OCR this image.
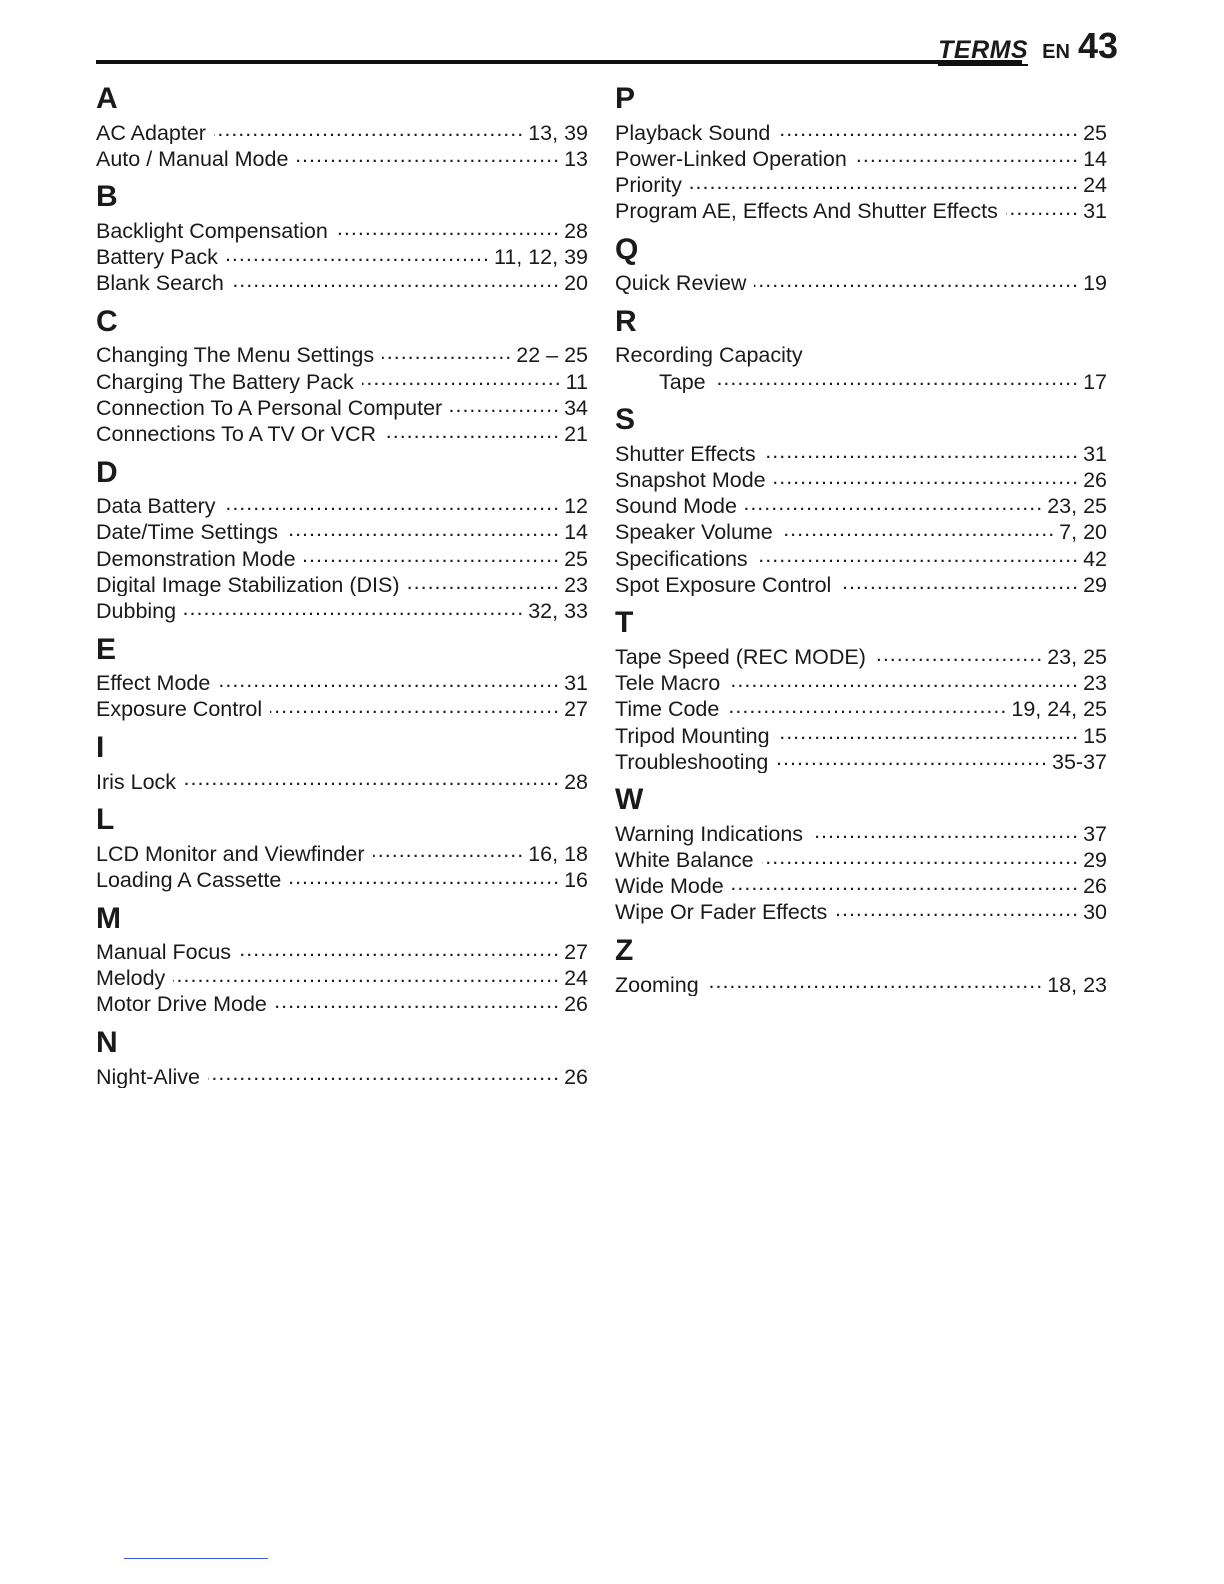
TERMS EN 43
A
AC Adapter .....	13, 39
Auto / Manual Mode .....	13
B
Backlight Compensation .....	28
Battery Pack .....	11, 12, 39
Blank Search .....	20
C
Changing The Menu Settings .....	22 – 25
Charging The Battery Pack .....	11
Connection To A Personal Computer .....	34
Connections To A TV Or VCR .....	21
D
Data Battery .....	12
Date/Time Settings .....	14
Demonstration Mode .....	25
Digital Image Stabilization (DIS) .....	23
Dubbing .....	32, 33
E
Effect Mode .....	31
Exposure Control .....	27
I
Iris Lock .....	28
L
LCD Monitor and Viewfinder .....	16, 18
Loading A Cassette .....	16
M
Manual Focus .....	27
Melody .....	24
Motor Drive Mode .....	26
N
Night-Alive .....	26
P
Playback Sound .....	25
Power-Linked Operation .....	14
Priority .....	24
Program AE, Effects And Shutter Effects .....	31
Q
Quick Review .....	19
R
Recording Capacity
Tape .....	17
S
Shutter Effects .....	31
Snapshot Mode .....	26
Sound Mode .....	23, 25
Speaker Volume .....	7, 20
Specifications .....	42
Spot Exposure Control .....	29
T
Tape Speed (REC MODE) .....	23, 25
Tele Macro .....	23
Time Code .....	19, 24, 25
Tripod Mounting .....	15
Troubleshooting .....	35-37
W
Warning Indications .....	37
White Balance .....	29
Wide Mode .....	26
Wipe Or Fader Effects .....	30
Z
Zooming .....	18, 23
